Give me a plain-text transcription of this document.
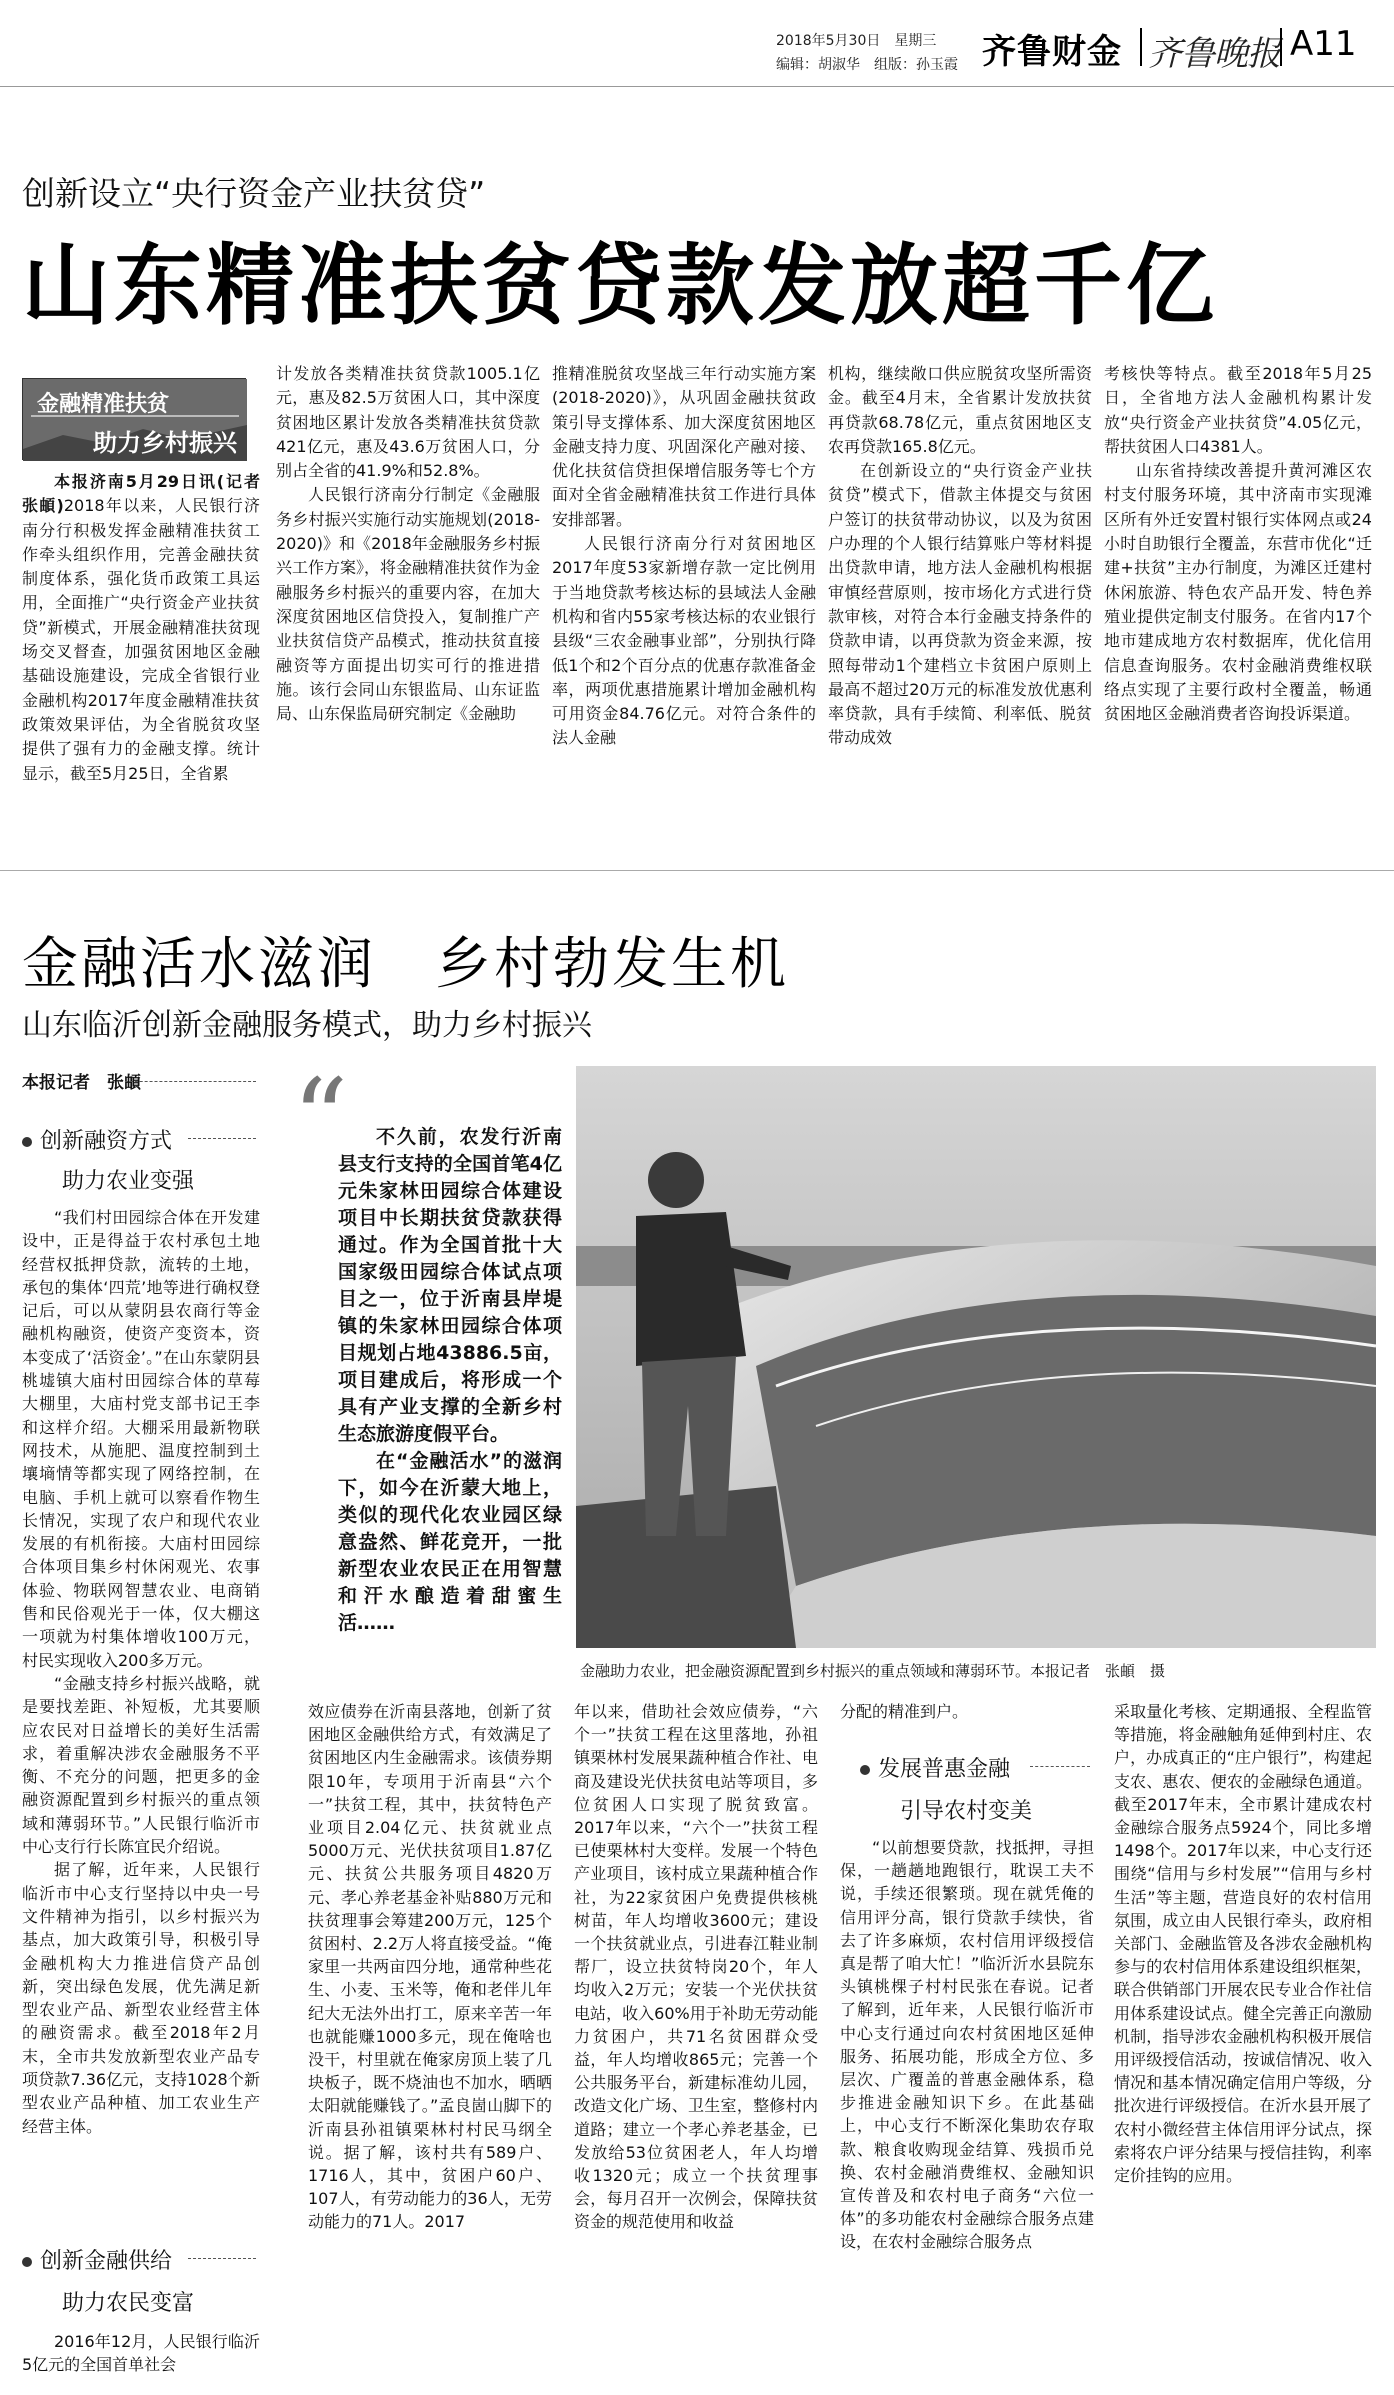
2018年5月30日　星期三
编辑：胡淑华　组版：孙玉霞 齐鲁财金 齐鲁晚报 A11
创新设立“央行资金产业扶贫贷”
山东精准扶贫贷款发放超千亿
金融精准扶贫
助力乡村振兴

本报济南5月29日讯(记者　张頔)2018年以来，人民银行济南分行积极发挥金融精准扶贫工作牵头组织作用，完善金融扶贫制度体系，强化货币政策工具运用，全面推广“央行资金产业扶贫贷”新模式，开展金融精准扶贫现场交叉督查，加强贫困地区金融基础设施建设，完成全省银行业金融机构2017年度金融精准扶贫政策效果评估，为全省脱贫攻坚提供了强有力的金融支撑。统计显示，截至5月25日，全省累

计发放各类精准扶贫贷款1005.1亿元，惠及82.5万贫困人口，其中深度贫困地区累计发放各类精准扶贫贷款421亿元，惠及43.6万贫困人口，分别占全省的41.9%和52.8%。

人民银行济南分行制定《金融服务乡村振兴实施行动实施规划(2018-2020)》和《2018年金融服务乡村振兴工作方案》，将金融精准扶贫作为金融服务乡村振兴的重要内容，在加大深度贫困地区信贷投入，复制推广产业扶贫信贷产品模式，推动扶贫直接融资等方面提出切实可行的推进措施。该行会同山东银监局、山东证监局、山东保监局研究制定《金融助

推精准脱贫攻坚战三年行动实施方案(2018-2020)》，从巩固金融扶贫政策引导支撑体系、加大深度贫困地区金融支持力度、巩固深化产融对接、优化扶贫信贷担保增信服务等七个方面对全省金融精准扶贫工作进行具体安排部署。

人民银行济南分行对贫困地区2017年度53家新增存款一定比例用于当地贷款考核达标的县域法人金融机构和省内55家考核达标的农业银行县级“三农金融事业部”，分别执行降低1个和2个百分点的优惠存款准备金率，两项优惠措施累计增加金融机构可用资金84.76亿元。对符合条件的法人金融

机构，继续敞口供应脱贫攻坚所需资金。截至4月末，全省累计发放扶贫再贷款68.78亿元，重点贫困地区支农再贷款165.8亿元。

在创新设立的“央行资金产业扶贫贷”模式下，借款主体提交与贫困户签订的扶贫带动协议，以及为贫困户办理的个人银行结算账户等材料提出贷款申请，地方法人金融机构根据审慎经营原则，按市场化方式进行贷款审核，对符合本行金融支持条件的贷款申请，以再贷款为资金来源，按照每带动1个建档立卡贫困户原则上最高不超过20万元的标准发放优惠利率贷款，具有手续简、利率低、脱贫带动成效

考核快等特点。截至2018年5月25日，全省地方法人金融机构累计发放“央行资金产业扶贫贷”4.05亿元，帮扶贫困人口4381人。

山东省持续改善提升黄河滩区农村支付服务环境，其中济南市实现滩区所有外迁安置村银行实体网点或24小时自助银行全覆盖，东营市优化“迁建+扶贫”主办行制度，为滩区迁建村休闲旅游、特色农产品开发、特色养殖业提供定制支付服务。在省内17个地市建成地方农村数据库，优化信用信息查询服务。农村金融消费维权联络点实现了主要行政村全覆盖，畅通贫困地区金融消费者咨询投诉渠道。

金融活水滋润　乡村勃发生机
山东临沂创新金融服务模式，助力乡村振兴
本报记者　张頔
创新融资方式
助力农业变强

“我们村田园综合体在开发建设中，正是得益于农村承包土地经营权抵押贷款，流转的土地，承包的集体‘四荒’地等进行确权登记后，可以从蒙阴县农商行等金融机构融资，使资产变资本，资本变成了‘活资金’。”在山东蒙阴县桃墟镇大庙村田园综合体的草莓大棚里，大庙村党支部书记王李和这样介绍。大棚采用最新物联网技术，从施肥、温度控制到土壤墒情等都实现了网络控制，在电脑、手机上就可以察看作物生长情况，实现了农户和现代农业发展的有机衔接。大庙村田园综合体项目集乡村休闲观光、农事体验、物联网智慧农业、电商销售和民俗观光于一体，仅大棚这一项就为村集体增收100万元，村民实现收入200多万元。

“金融支持乡村振兴战略，就是要找差距、补短板，尤其要顺应农民对日益增长的美好生活需求，着重解决涉农金融服务不平衡、不充分的问题，把更多的金融资源配置到乡村振兴的重点领域和薄弱环节。”人民银行临沂市中心支行行长陈宜民介绍说。

据了解，近年来，人民银行临沂市中心支行坚持以中央一号文件精神为指引，以乡村振兴为基点，加大政策引导，积极引导金融机构大力推进信贷产品创新，突出绿色发展，优先满足新型农业产品、新型农业经营主体的融资需求。截至2018年2月末，全市共发放新型农业产品专项贷款7.36亿元，支持1028个新型农业产品种植、加工农业生产经营主体。

创新金融供给
助力农民变富

2016年12月，人民银行临沂5亿元的全国首单社会

“	不久前，农发行沂南县支行支持的全国首笔4亿元朱家林田园综合体建设项目中长期扶贫贷款获得通过。作为全国首批十大国家级田园综合体试点项目之一，位于沂南县岸堤镇的朱家林田园综合体项目规划占地43886.5亩，项目建成后，将形成一个具有产业支撑的全新乡村生态旅游度假平台。

在“金融活水”的滋润下，如今在沂蒙大地上，类似的现代化农业园区绿意盎然、鲜花竞开，一批新型农业农民正在用智慧和汗水酿造着甜蜜生活……

金融助力农业，把金融资源配置到乡村振兴的重点领域和薄弱环节。本报记者　张頔　摄

效应债券在沂南县落地，创新了贫困地区金融供给方式，有效满足了贫困地区内生金融需求。该债券期限10年，专项用于沂南县“六个一”扶贫工程，其中，扶贫特色产业项目2.04亿元、扶贫就业点5000万元、光伏扶贫项目1.87亿元、扶贫公共服务项目4820万元、孝心养老基金补贴880万元和扶贫理事会筹建200万元，125个贫困村、2.2万人将直接受益。“俺家里一共两亩四分地，通常种些花生、小麦、玉米等，俺和老伴儿年纪大无法外出打工，原来辛苦一年也就能赚1000多元，现在俺啥也没干，村里就在俺家房顶上装了几块板子，既不烧油也不加水，晒晒太阳就能赚钱了。”孟良崮山脚下的沂南县孙祖镇栗林村村民马纲全说。据了解，该村共有589户、1716人，其中，贫困户60户、107人，有劳动能力的36人，无劳动能力的71人。2017

年以来，借助社会效应债券，“六个一”扶贫工程在这里落地，孙祖镇栗林村发展果蔬种植合作社、电商及建设光伏扶贫电站等项目，多位贫困人口实现了脱贫致富。2017年以来，“六个一”扶贫工程已使栗林村大变样。发展一个特色产业项目，该村成立果蔬种植合作社，为22家贫困户免费提供核桃树苗，年人均增收3600元；建设一个扶贫就业点，引进春江鞋业制帮厂，设立扶贫特岗20个，年人均收入2万元；安装一个光伏扶贫电站，收入60%用于补助无劳动能力贫困户，共71名贫困群众受益，年人均增收865元；完善一个公共服务平台，新建标准幼儿园，改造文化广场、卫生室，整修村内道路；建立一个孝心养老基金，已发放给53位贫困老人，年人均增收1320元；成立一个扶贫理事会，每月召开一次例会，保障扶贫资金的规范使用和收益

分配的精准到户。

发展普惠金融
引导农村变美

“以前想要贷款，找抵押，寻担保，一趟趟地跑银行，耽误工夫不说，手续还很繁琐。现在就凭俺的信用评分高，银行贷款手续快，省去了许多麻烦，农村信用评级授信真是帮了咱大忙！”临沂沂水县院东头镇桃棵子村村民张在春说。记者了解到，近年来，人民银行临沂市中心支行通过向农村贫困地区延伸服务、拓展功能，形成全方位、多层次、广覆盖的普惠金融体系，稳步推进金融知识下乡。在此基础上，中心支行不断深化集助农存取款、粮食收购现金结算、残损币兑换、农村金融消费维权、金融知识宣传普及和农村电子商务“六位一体”的多功能农村金融综合服务点建设，在农村金融综合服务点

采取量化考核、定期通报、全程监管等措施，将金融触角延伸到村庄、农户，办成真正的“庄户银行”，构建起支农、惠农、便农的金融绿色通道。截至2017年末，全市累计建成农村金融综合服务点5924个，同比多增1498个。2017年以来，中心支行还围绕“信用与乡村发展”“信用与乡村生活”等主题，营造良好的农村信用氛围，成立由人民银行牵头，政府相关部门、金融监管及各涉农金融机构参与的农村信用体系建设组织框架，联合供销部门开展农民专业合作社信用体系建设试点。健全完善正向激励机制，指导涉农金融机构积极开展信用评级授信活动，按诚信情况、收入情况和基本情况确定信用户等级，分批次进行评级授信。在沂水县开展了农村小微经营主体信用评分试点，探索将农户评分结果与授信挂钩，利率定价挂钩的应用。
